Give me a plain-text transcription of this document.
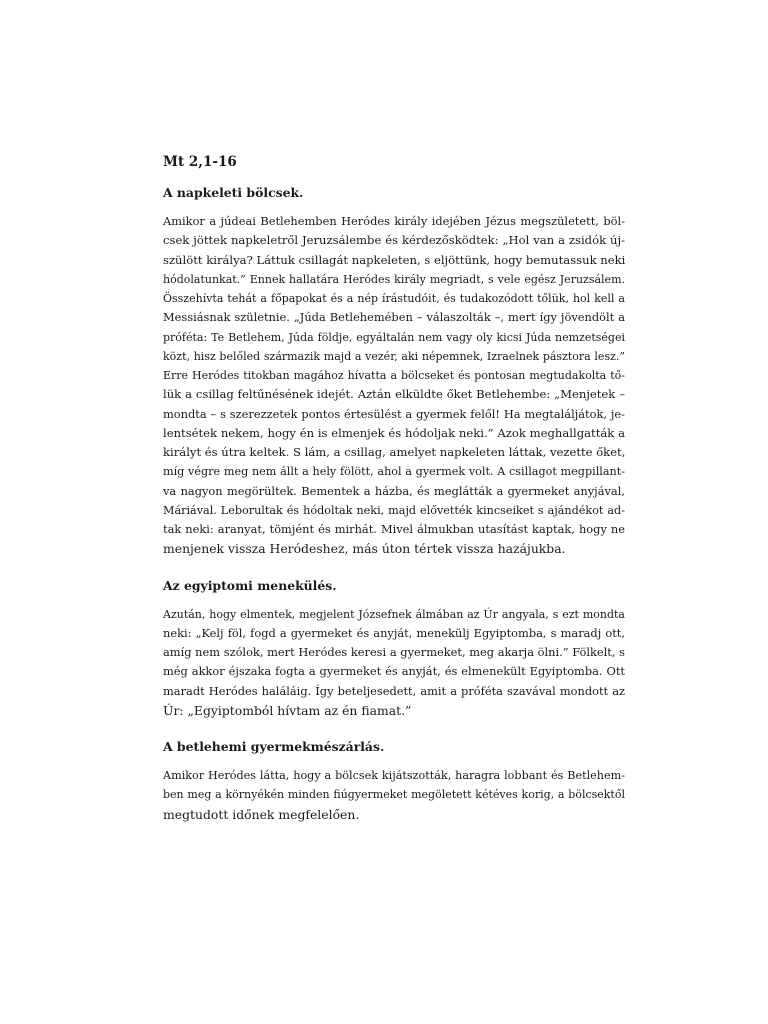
Mt 2,1-16
A napkeleti bölcsek.
Amikor a júdeai Betlehemben Heródes király idejében Jézus megszületett, böl-
csek jöttek napkeletről Jeruzsálembe és kérdezősködtek: „Hol van a zsidók új-
szülött királya? Láttuk csillagát napkeleten, s eljöttünk, hogy bemutassuk neki
hódolatunkat.” Ennek hallatára Heródes király megriadt, s vele egész Jeruzsálem.
Összehívta tehát a főpapokat és a nép írástudóit, és tudakozódott tőlük, hol kell a
Messiásnak születnie. „Júda Betlehemében – válaszolták –, mert így jövendölt a
próféta: Te Betlehem, Júda földje, egyáltalán nem vagy oly kicsi Júda nemzetségei
közt, hisz belőled származik majd a vezér, aki népemnek, Izraelnek pásztora lesz.”
Erre Heródes titokban magához hívatta a bölcseket és pontosan megtudakolta tő-
lük a csillag feltűnésének idejét. Aztán elküldte őket Betlehembe: „Menjetek –
mondta – s szerezzetek pontos értesülést a gyermek felől! Ha megtaláljátok, je-
lentsétek nekem, hogy én is elmenjek és hódoljak neki.” Azok meghallgatták a
királyt és útra keltek. S lám, a csillag, amelyet napkeleten láttak, vezette őket,
míg végre meg nem állt a hely fölött, ahol a gyermek volt. A csillagot megpillant-
va nagyon megörültek. Bementek a házba, és meglátták a gyermeket anyjával,
Máriával. Leborultak és hódoltak neki, majd elővették kincseiket s ajándékot ad-
tak neki: aranyat, tömjént és mirhát. Mivel álmukban utasítást kaptak, hogy ne
menjenek vissza Heródeshez, más úton tértek vissza hazájukba.
Az egyiptomi menekülés.
Azután, hogy elmentek, megjelent Józsefnek álmában az Úr angyala, s ezt mondta
neki: „Kelj föl, fogd a gyermeket és anyját, menekülj Egyiptomba, s maradj ott,
amíg nem szólok, mert Heródes keresi a gyermeket, meg akarja ölni.” Fölkelt, s
még akkor éjszaka fogta a gyermeket és anyját, és elmenekült Egyiptomba. Ott
maradt Heródes haláláig. Így beteljesedett, amit a próféta szavával mondott az
Úr: „Egyiptomból hívtam az én fiamat.”
A betlehemi gyermekmészárlás.
Amikor Heródes látta, hogy a bölcsek kijátszották, haragra lobbant és Betlehem-
ben meg a környékén minden fiúgyermeket megöletett kétéves korig, a bölcsektől
megtudott időnek megfelelően.
